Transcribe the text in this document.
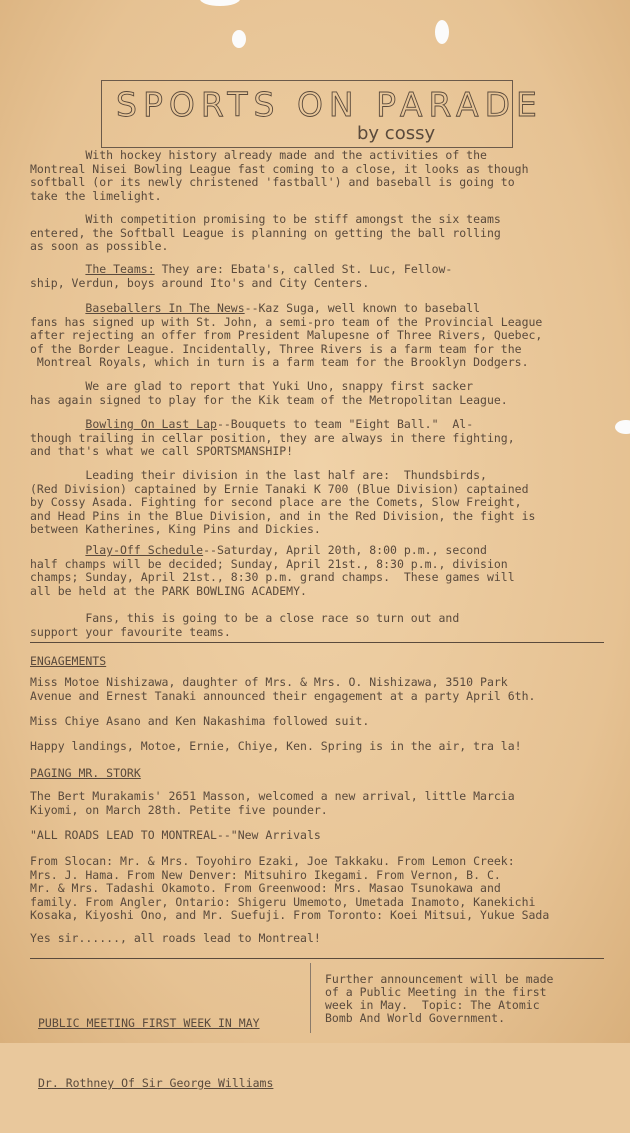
SPORTS ON PARADE
by cossy

With hockey history already made and the activities of the
Montreal Nisei Bowling League fast coming to a close, it looks as though
softball (or its newly christened 'fastball') and baseball is going to
take the limelight.

With competition promising to be stiff amongst the six teams
entered, the Softball League is planning on getting the ball rolling
as soon as possible.

The Teams: They are: Ebata's, called St. Luc, Fellow-
ship, Verdun, boys around Ito's and City Centers.

Baseballers In The News--Kaz Suga, well known to baseball
fans has signed up with St. John, a semi-pro team of the Provincial League
after rejecting an offer from President Malupesne of Three Rivers, Quebec,
of the Border League. Incidentally, Three Rivers is a farm team for the
Montreal Royals, which in turn is a farm team for the Brooklyn Dodgers.

We are glad to report that Yuki Uno, snappy first sacker
has again signed to play for the Kik team of the Metropolitan League.

Bowling On Last Lap--Bouquets to team "Eight Ball."  Al-
though trailing in cellar position, they are always in there fighting,
and that's what we call SPORTSMANSHIP!

Leading their division in the last half are:  Thundsbirds,
(Red Division) captained by Ernie Tanaki K 700 (Blue Division) captained
by Cossy Asada. Fighting for second place are the Comets, Slow Freight,
and Head Pins in the Blue Division, and in the Red Division, the fight is
between Katherines, King Pins and Dickies.

Play-Off Schedule--Saturday, April 20th, 8:00 p.m., second
half champs will be decided; Sunday, April 21st., 8:30 p.m., division
champs; Sunday, April 21st., 8:30 p.m. grand champs.  These games will
all be held at the PARK BOWLING ACADEMY.

Fans, this is going to be a close race so turn out and
support your favourite teams.

ENGAGEMENTS

Miss Motoe Nishizawa, daughter of Mrs. & Mrs. O. Nishizawa, 3510 Park
Avenue and Ernest Tanaki announced their engagement at a party April 6th.

Miss Chiye Asano and Ken Nakashima followed suit.

Happy landings, Motoe, Ernie, Chiye, Ken. Spring is in the air, tra la!

PAGING MR. STORK

The Bert Murakamis' 2651 Masson, welcomed a new arrival, little Marcia
Kiyomi, on March 28th. Petite five pounder.

"ALL ROADS LEAD TO MONTREAL--"New Arrivals

From Slocan: Mr. & Mrs. Toyohiro Ezaki, Joe Takkaku. From Lemon Creek:
Mrs. J. Hama. From New Denver: Mitsuhiro Ikegami. From Vernon, B. C.
Mr. & Mrs. Tadashi Okamoto. From Greenwood: Mrs. Masao Tsunokawa and
family. From Angler, Ontario: Shigeru Umemoto, Umetada Inamoto, Kanekichi
Kosaka, Kiyoshi Ono, and Mr. Suefuji. From Toronto: Koei Mitsui, Yukue Sada

Yes sir......, all roads lead to Montreal!

PUBLIC MEETING FIRST WEEK IN MAY

Dr. Rothney Of Sir George Williams

Further announcement will be made
of a Public Meeting in the first
week in May.  Topic: The Atomic
Bomb And World Government.
